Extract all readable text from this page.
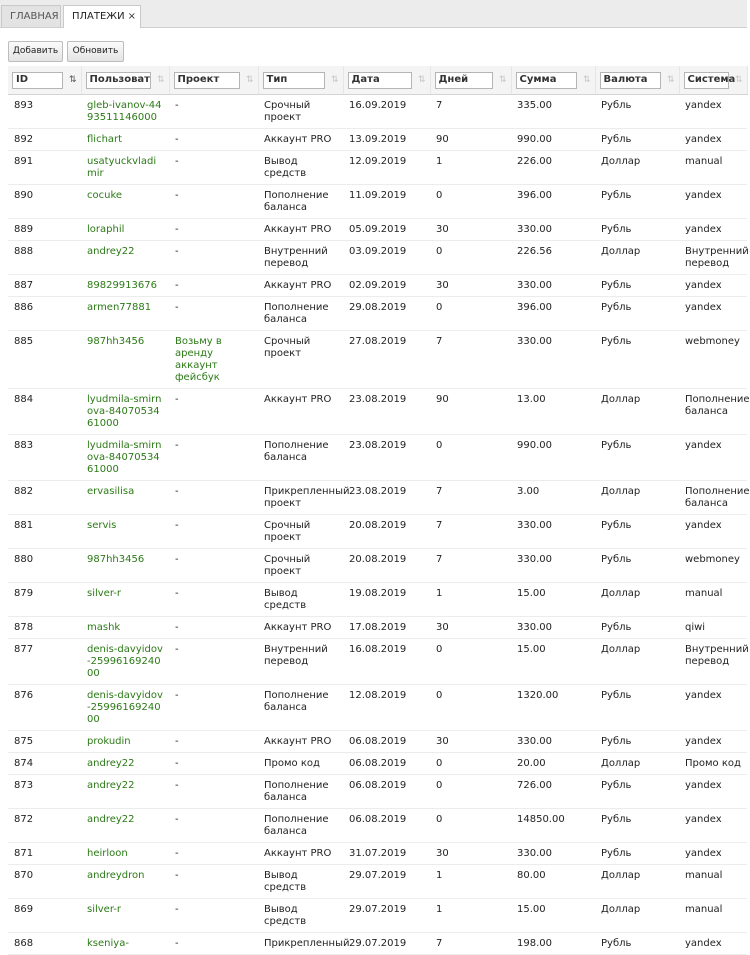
ГЛАВНАЯ	ПЛАТЕЖИ ×
Добавить	Обновить
ID ⇅	Пользоват ⇅	Проект ⇅	Тип ⇅	Дата ⇅	Дней ⇅	Сумма ⇅	Валюта ⇅	Система ⇅

893	gleb-ivanov-4493511146000	-	Срочный проект	16.09.2019	7	335.00	Рубль	yandex
892	flichart	-	Аккаунт PRO	13.09.2019	90	990.00	Рубль	yandex
891	usatyuckvladimir	-	Вывод средств	12.09.2019	1	226.00	Доллар	manual
890	cocuke	-	Пополнение баланса	11.09.2019	0	396.00	Рубль	yandex
889	loraphil	-	Аккаунт PRO	05.09.2019	30	330.00	Рубль	yandex
888	andrey22	-	Внутренний перевод	03.09.2019	0	226.56	Доллар	Внутренний перевод
887	89829913676	-	Аккаунт PRO	02.09.2019	30	330.00	Рубль	yandex
886	armen77881	-	Пополнение баланса	29.08.2019	0	396.00	Рубль	yandex
885	987hh3456	Возьму в аренду аккаунт фейсбук	Срочный проект	27.08.2019	7	330.00	Рубль	webmoney
884	lyudmila-smirnova-8407053461000	-	Аккаунт PRO	23.08.2019	90	13.00	Доллар	Пополнение баланса
883	lyudmila-smirnova-8407053461000	-	Пополнение баланса	23.08.2019	0	990.00	Рубль	yandex
882	ervasilisa	-	Прикрепленный проект	23.08.2019	7	3.00	Доллар	Пополнение баланса
881	servis	-	Срочный проект	20.08.2019	7	330.00	Рубль	yandex
880	987hh3456	-	Срочный проект	20.08.2019	7	330.00	Рубль	webmoney
879	silver-r	-	Вывод средств	19.08.2019	1	15.00	Доллар	manual
878	mashk	-	Аккаунт PRO	17.08.2019	30	330.00	Рубль	qiwi
877	denis-davyidov-2599616924000	-	Внутренний перевод	16.08.2019	0	15.00	Доллар	Внутренний перевод
876	denis-davyidov-2599616924000	-	Пополнение баланса	12.08.2019	0	1320.00	Рубль	yandex
875	prokudin	-	Аккаунт PRO	06.08.2019	30	330.00	Рубль	yandex
874	andrey22	-	Промо код	06.08.2019	0	20.00	Доллар	Промо код
873	andrey22	-	Пополнение баланса	06.08.2019	0	726.00	Рубль	yandex
872	andrey22	-	Пополнение баланса	06.08.2019	0	14850.00	Рубль	yandex
871	heirloon	-	Аккаунт PRO	31.07.2019	30	330.00	Рубль	yandex
870	andreydron	-	Вывод средств	29.07.2019	1	80.00	Доллар	manual
869	silver-r	-	Вывод средств	29.07.2019	1	15.00	Доллар	manual
868	kseniya-	-	Прикрепленный	29.07.2019	7	198.00	Рубль	yandex
